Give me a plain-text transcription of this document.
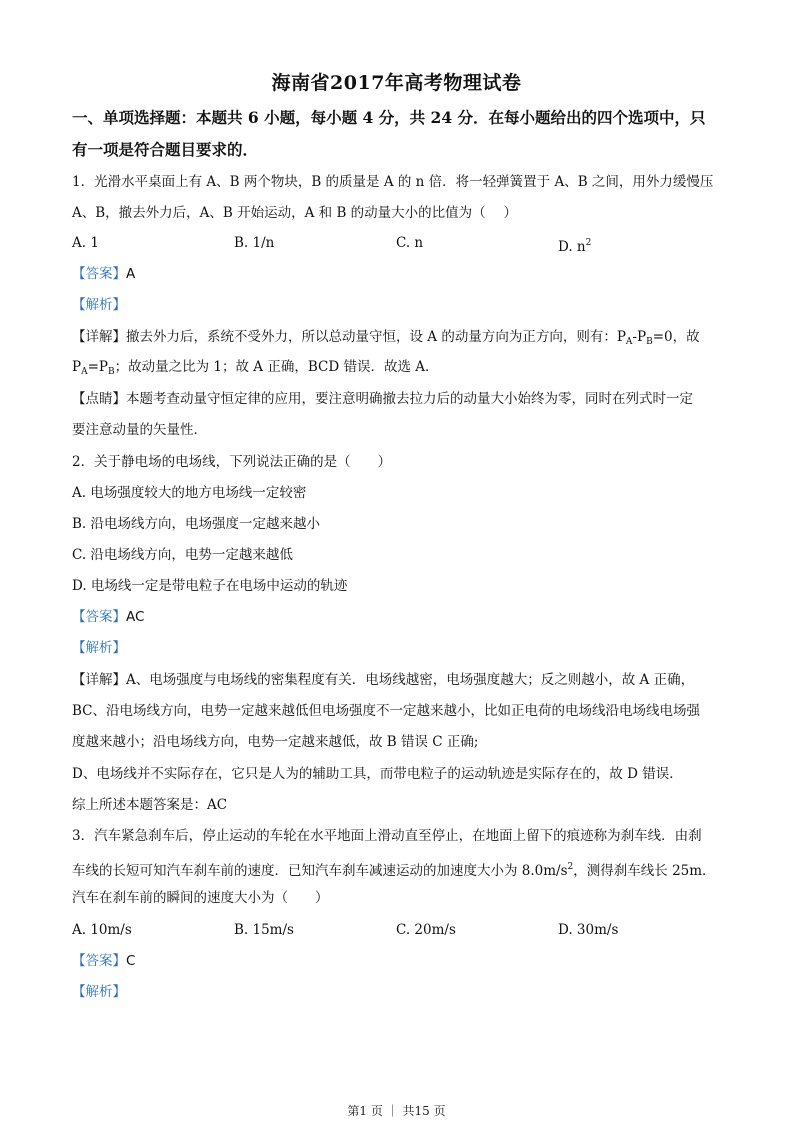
海南省2017年高考物理试卷
一、单项选择题：本题共 6 小题，每小题 4 分，共 24 分．在每小题给出的四个选项中，只
有一项是符合题目要求的．
1．光滑水平桌面上有 A、B 两个物块，B 的质量是 A 的 n 倍．将一轻弹簧置于 A、B 之间，用外力缓慢压
A、B，撤去外力后，A、B 开始运动，A 和 B 的动量大小的比值为（　 ）
A. 1	B. 1/n	C. n	D. $n^2$
【答案】A
【解析】
【详解】撤去外力后，系统不受外力，所以总动量守恒，设 A 的动量方向为正方向，则有：$P_A-P_B=0$，故
$P_A=P_B$；故动量之比为 1；故 A 正确，BCD 错误．故选 A．
【点睛】本题考查动量守恒定律的应用，要注意明确撤去拉力后的动量大小始终为零，同时在列式时一定
要注意动量的矢量性．
2．关于静电场的电场线，下列说法正确的是（　　）
A. 电场强度较大的地方电场线一定较密
B. 沿电场线方向，电场强度一定越来越小
C. 沿电场线方向，电势一定越来越低
D. 电场线一定是带电粒子在电场中运动的轨迹
【答案】AC
【解析】
【详解】A、电场强度与电场线的密集程度有关．电场线越密，电场强度越大；反之则越小，故 A 正确，
BC、沿电场线方向，电势一定越来越低但电场强度不一定越来越小，比如正电荷的电场线沿电场线电场强
度越来越小；沿电场线方向，电势一定越来越低，故 B 错误 C 正确;
D、电场线并不实际存在，它只是人为的辅助工具，而带电粒子的运动轨迹是实际存在的，故 D 错误．
综上所述本题答案是：AC
3．汽车紧急刹车后，停止运动的车轮在水平地面上滑动直至停止，在地面上留下的痕迹称为刹车线．由刹
车线的长短可知汽车刹车前的速度．已知汽车刹车减速运动的加速度大小为 $8.0m/s^2$，测得刹车线长 25m．
汽车在刹车前的瞬间的速度大小为（　　）
A. 10m/s	B. 15m/s	C. 20m/s	D. 30m/s
【答案】C
【解析】
第1 页 ｜ 共15 页
